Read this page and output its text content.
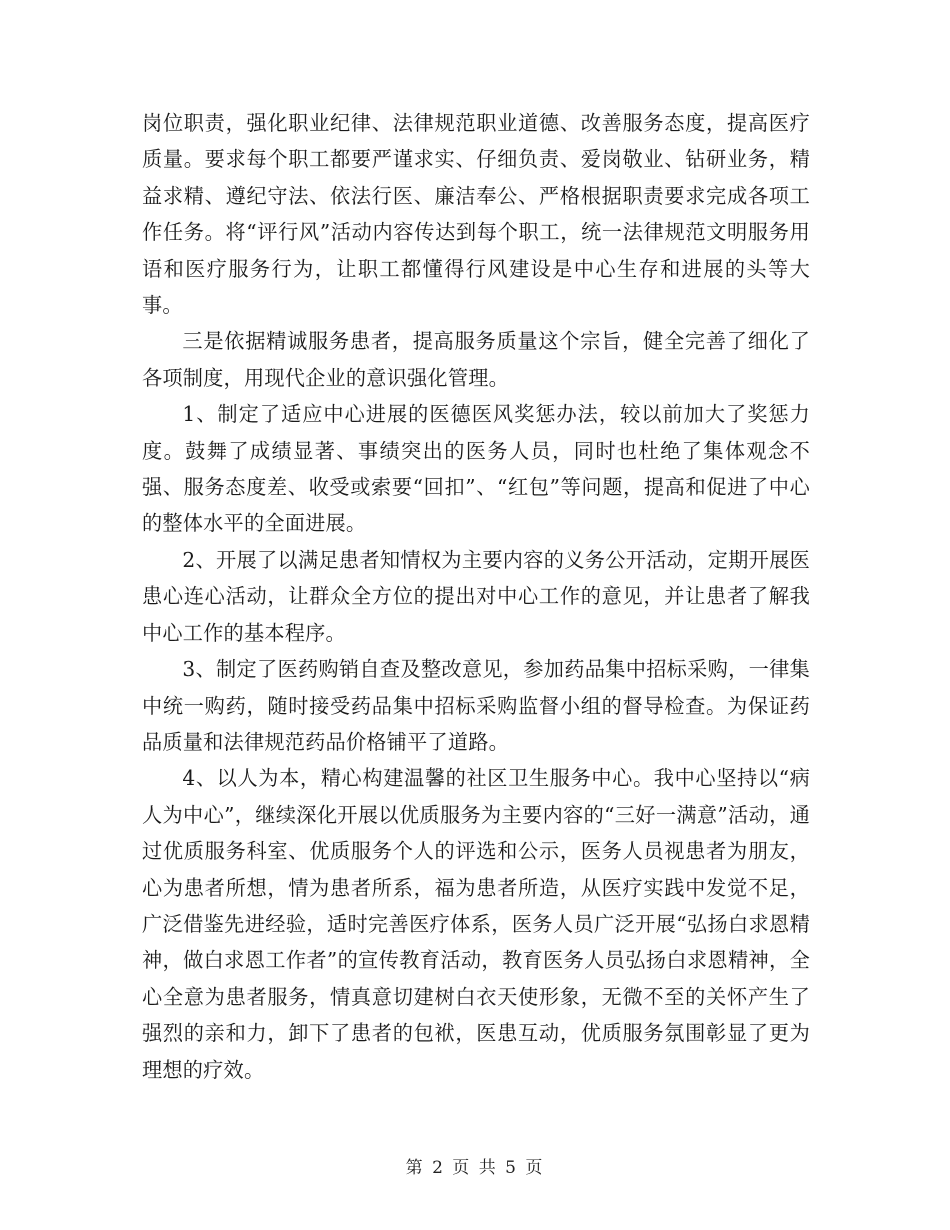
岗位职责，强化职业纪律、法律规范职业道德、改善服务态度，提高医疗质量。要求每个职工都要严谨求实、仔细负责、爱岗敬业、钻研业务，精益求精、遵纪守法、依法行医、廉洁奉公、严格根据职责要求完成各项工作任务。将“评行风”活动内容传达到每个职工，统一法律规范文明服务用语和医疗服务行为，让职工都懂得行风建设是中心生存和进展的头等大事。

三是依据精诚服务患者，提高服务质量这个宗旨，健全完善了细化了各项制度，用现代企业的意识强化管理。

1、制定了适应中心进展的医德医风奖惩办法，较以前加大了奖惩力度。鼓舞了成绩显著、事绩突出的医务人员，同时也杜绝了集体观念不强、服务态度差、收受或索要“回扣”、“红包”等问题，提高和促进了中心的整体水平的全面进展。

2、开展了以满足患者知情权为主要内容的义务公开活动，定期开展医患心连心活动，让群众全方位的提出对中心工作的意见，并让患者了解我中心工作的基本程序。

3、制定了医药购销自查及整改意见，参加药品集中招标采购，一律集中统一购药，随时接受药品集中招标采购监督小组的督导检查。为保证药品质量和法律规范药品价格铺平了道路。

4、以人为本，精心构建温馨的社区卫生服务中心。我中心坚持以“病人为中心”，继续深化开展以优质服务为主要内容的“三好一满意”活动，通过优质服务科室、优质服务个人的评选和公示，医务人员视患者为朋友，心为患者所想，情为患者所系，福为患者所造，从医疗实践中发觉不足，广泛借鉴先进经验，适时完善医疗体系，医务人员广泛开展“弘扬白求恩精神，做白求恩工作者”的宣传教育活动，教育医务人员弘扬白求恩精神，全心全意为患者服务，情真意切建树白衣天使形象，无微不至的关怀产生了强烈的亲和力，卸下了患者的包袱，医患互动，优质服务氛围彰显了更为理想的疗效。

第 2 页 共 5 页
